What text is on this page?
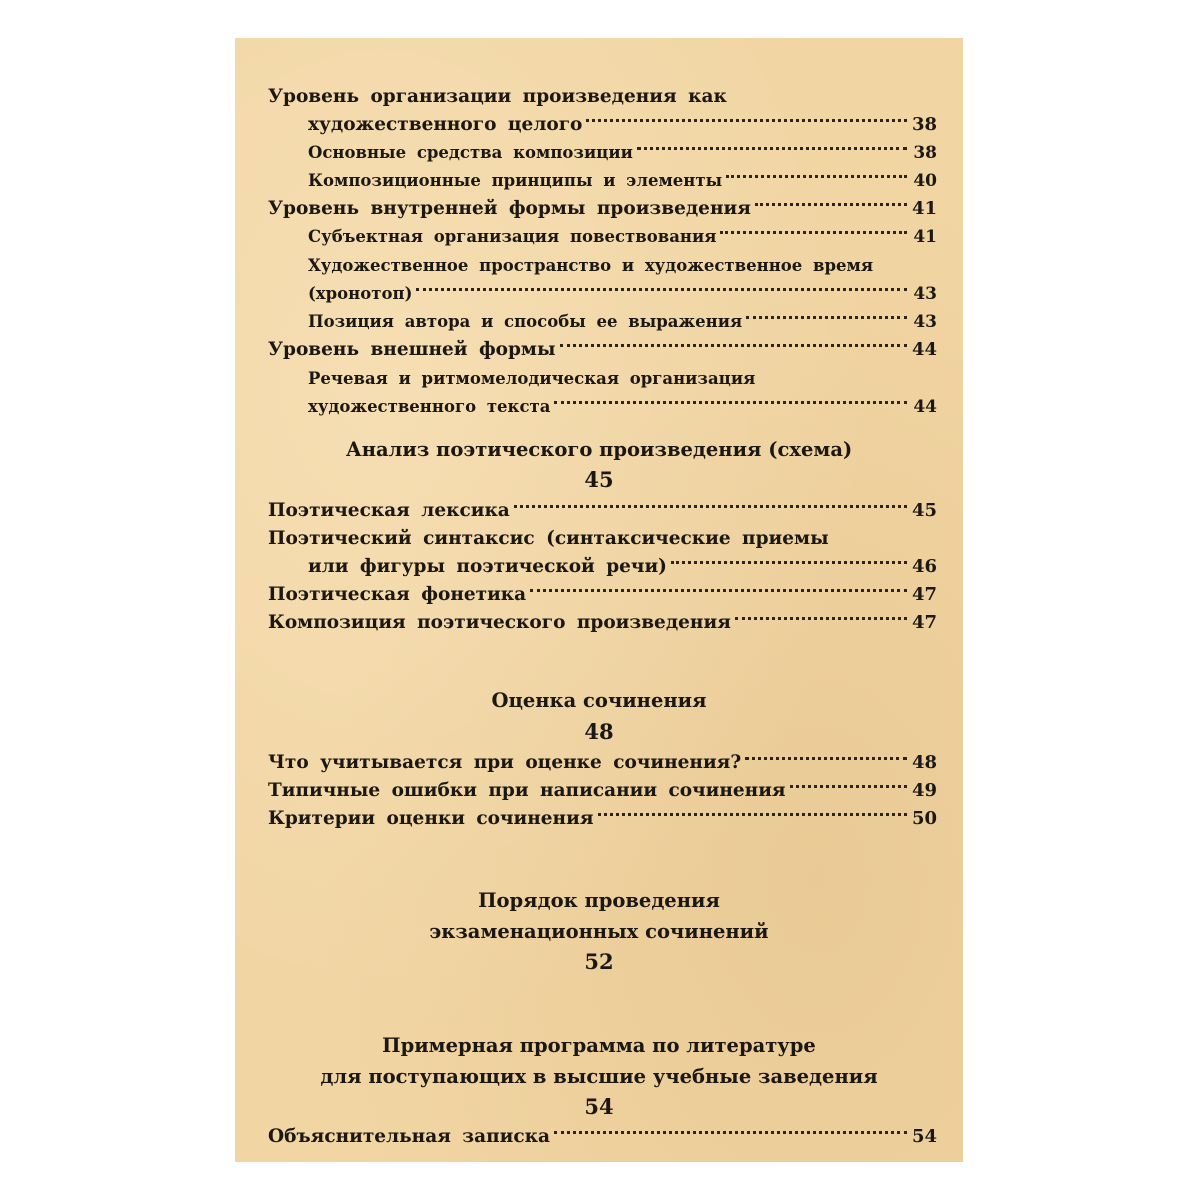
Уровень организации произведения как
художественного целого	38
Основные средства композиции	38
Композиционные принципы и элементы	40
Уровень внутренней формы произведения	41
Субъектная организация повествования	41
Художественное пространство и художественное время
(хронотоп)	43
Позиция автора и способы ее выражения	43
Уровень внешней формы	44
Речевая и ритмомелодическая организация
художественного текста	44
Анализ поэтического произведения (схема)
45
Поэтическая лексика	45
Поэтический синтаксис (синтаксические приемы
или фигуры поэтической речи)	46
Поэтическая фонетика	47
Композиция поэтического произведения	47
Оценка сочинения
48
Что учитывается при оценке сочинения?	48
Типичные ошибки при написании сочинения	49
Критерии оценки сочинения	50
Порядок проведения
экзаменационных сочинений
52
Примерная программа по литературе
для поступающих в высшие учебные заведения
54
Объяснительная записка	54
